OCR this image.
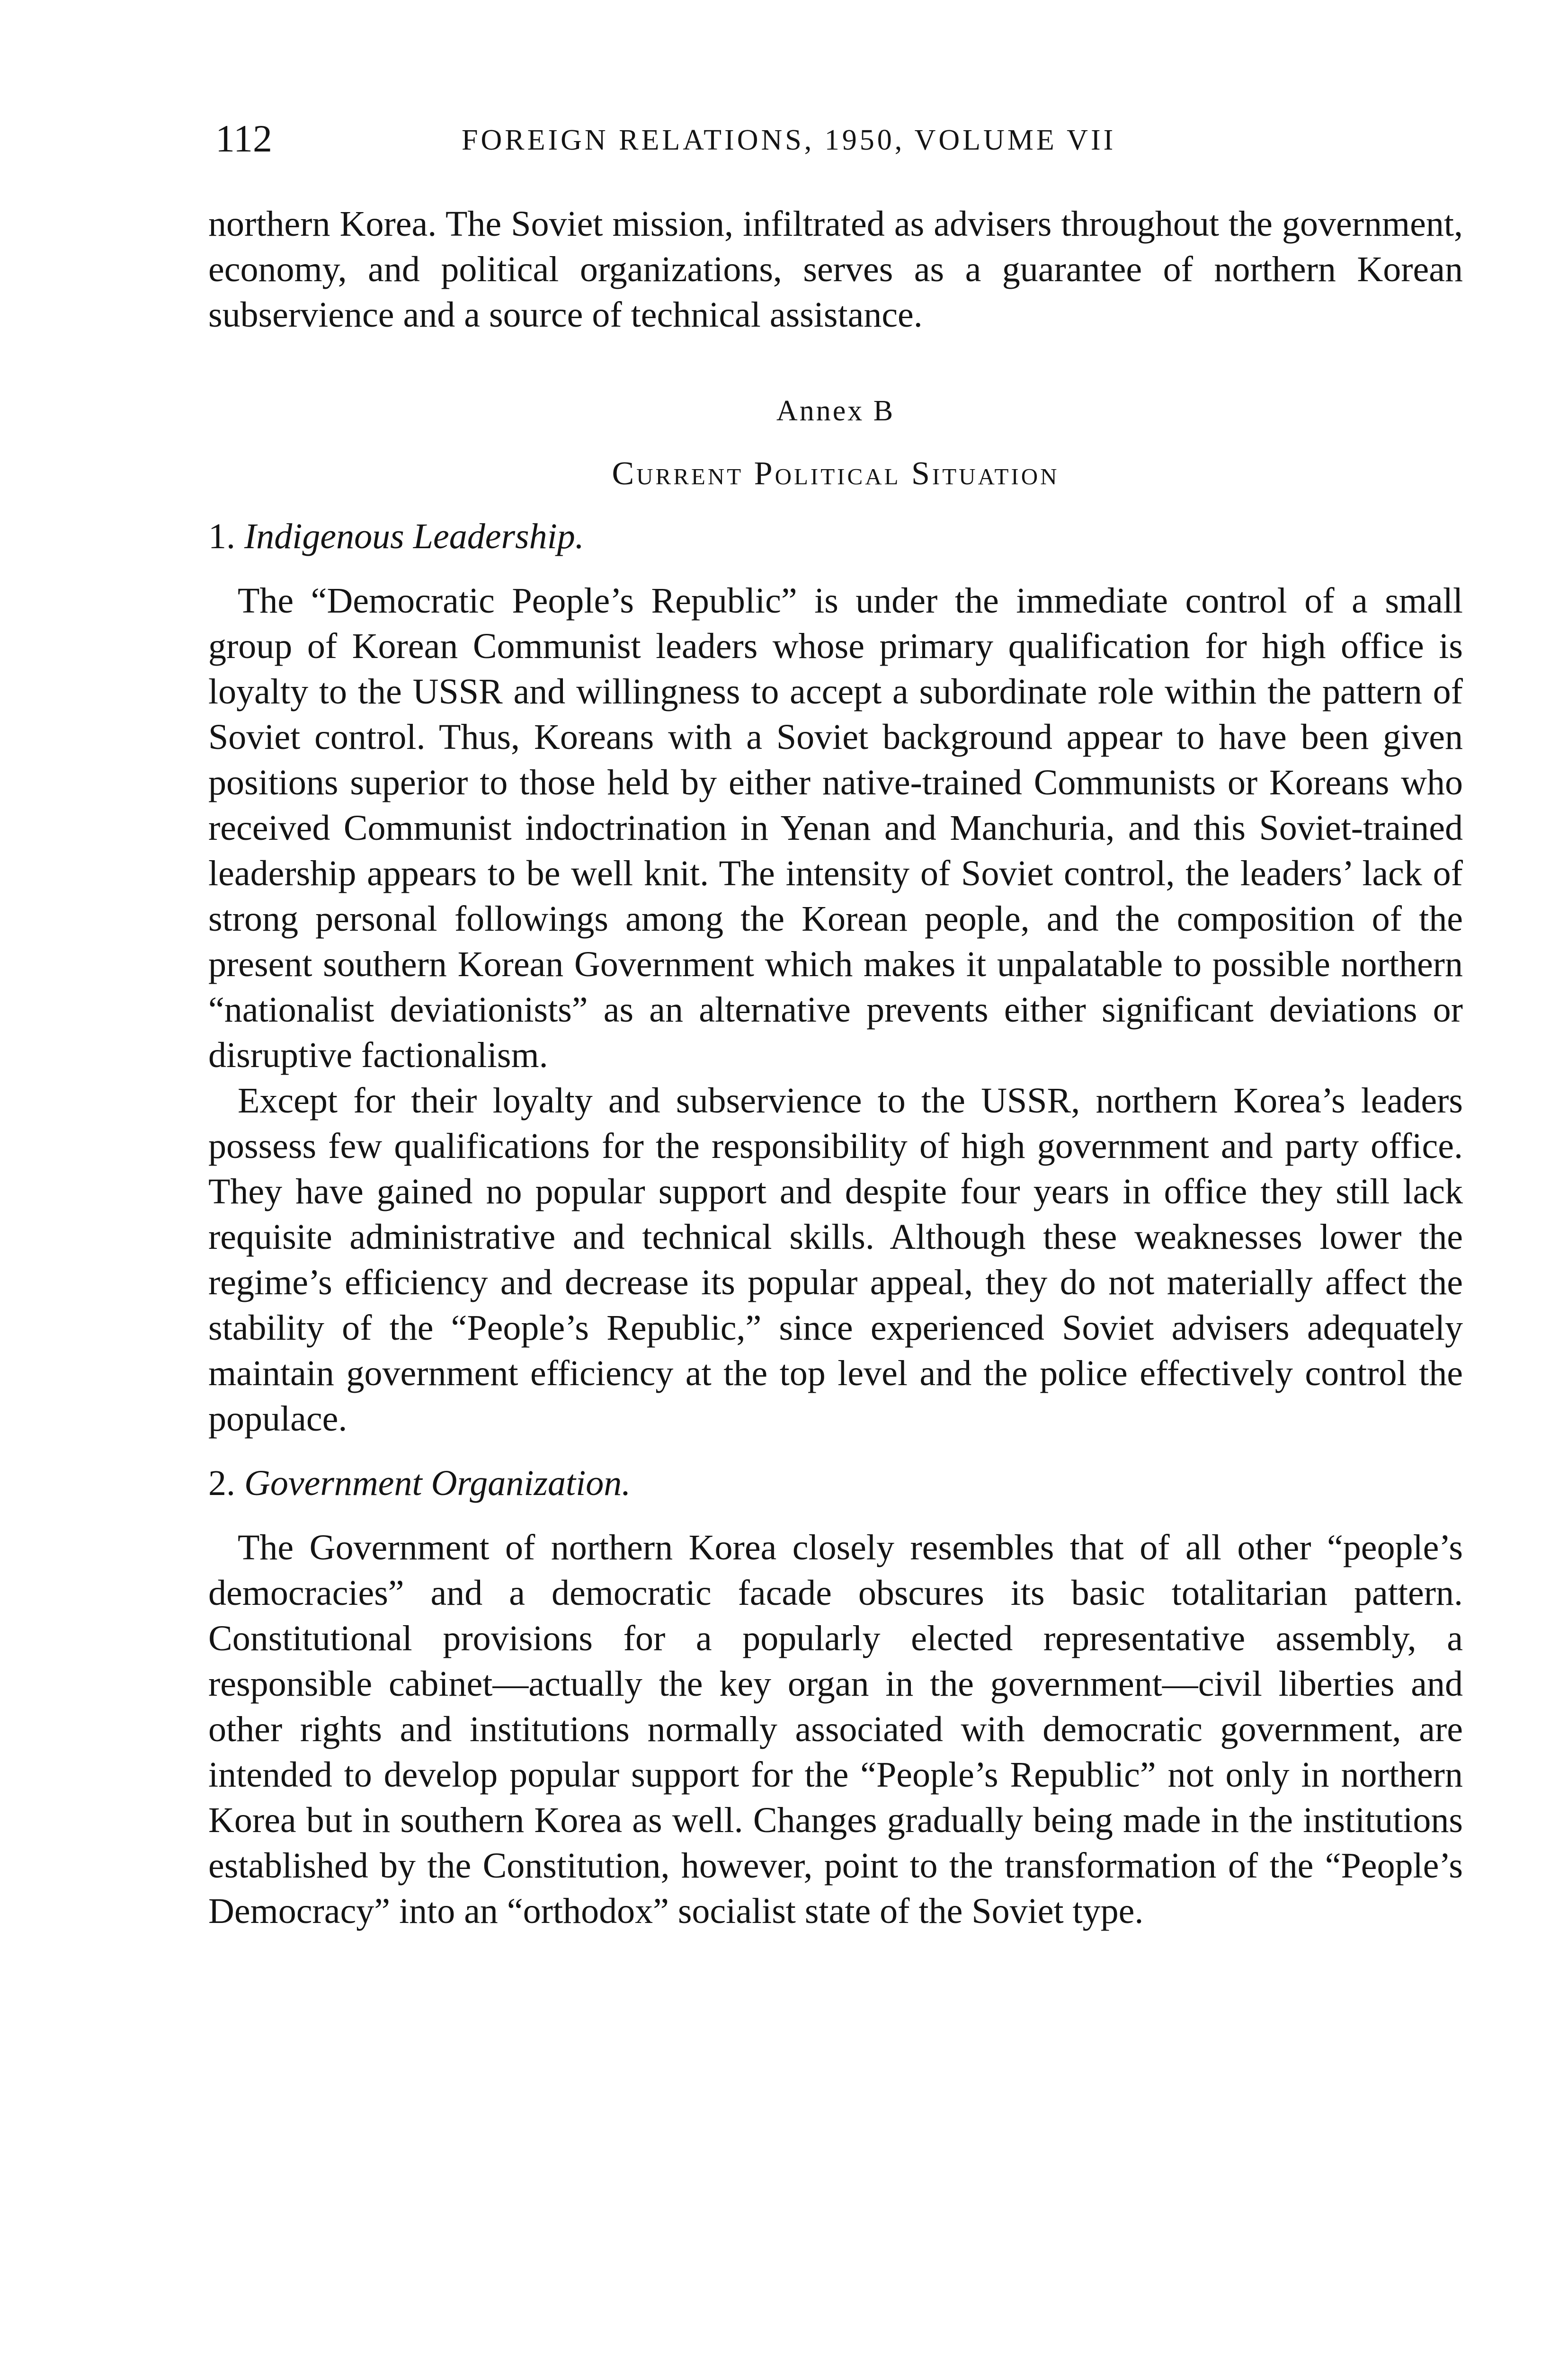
112	FOREIGN RELATIONS, 1950, VOLUME VII

northern Korea. The Soviet mission, infiltrated as advisers throughout the government, economy, and political organizations, serves as a guarantee of northern Korean subservience and a source of technical assistance.

Annex B

Current Political Situation

1. Indigenous Leadership.

The “Democratic People’s Republic” is under the immediate control of a small group of Korean Communist leaders whose primary qualification for high office is loyalty to the USSR and willingness to accept a subordinate role within the pattern of Soviet control. Thus, Koreans with a Soviet background appear to have been given positions superior to those held by either native-trained Communists or Koreans who received Communist indoctrination in Yenan and Manchuria, and this Soviet-trained leadership appears to be well knit. The intensity of Soviet control, the leaders’ lack of strong personal followings among the Korean people, and the composition of the present southern Korean Government which makes it unpalatable to possible northern “nationalist deviationists” as an alternative prevents either significant deviations or disruptive factionalism.

Except for their loyalty and subservience to the USSR, northern Korea’s leaders possess few qualifications for the responsibility of high government and party office. They have gained no popular support and despite four years in office they still lack requisite administrative and technical skills. Although these weaknesses lower the regime’s efficiency and decrease its popular appeal, they do not materially affect the stability of the “People’s Republic,” since experienced Soviet advisers adequately maintain government efficiency at the top level and the police effectively control the populace.

2. Government Organization.

The Government of northern Korea closely resembles that of all other “people’s democracies” and a democratic facade obscures its basic totalitarian pattern. Constitutional provisions for a popularly elected representative assembly, a responsible cabinet—actually the key organ in the government—civil liberties and other rights and institutions normally associated with democratic government, are intended to develop popular support for the “People’s Republic” not only in northern Korea but in southern Korea as well. Changes gradually being made in the institutions established by the Constitution, however, point to the transformation of the “People’s Democracy” into an “orthodox” socialist state of the Soviet type.
